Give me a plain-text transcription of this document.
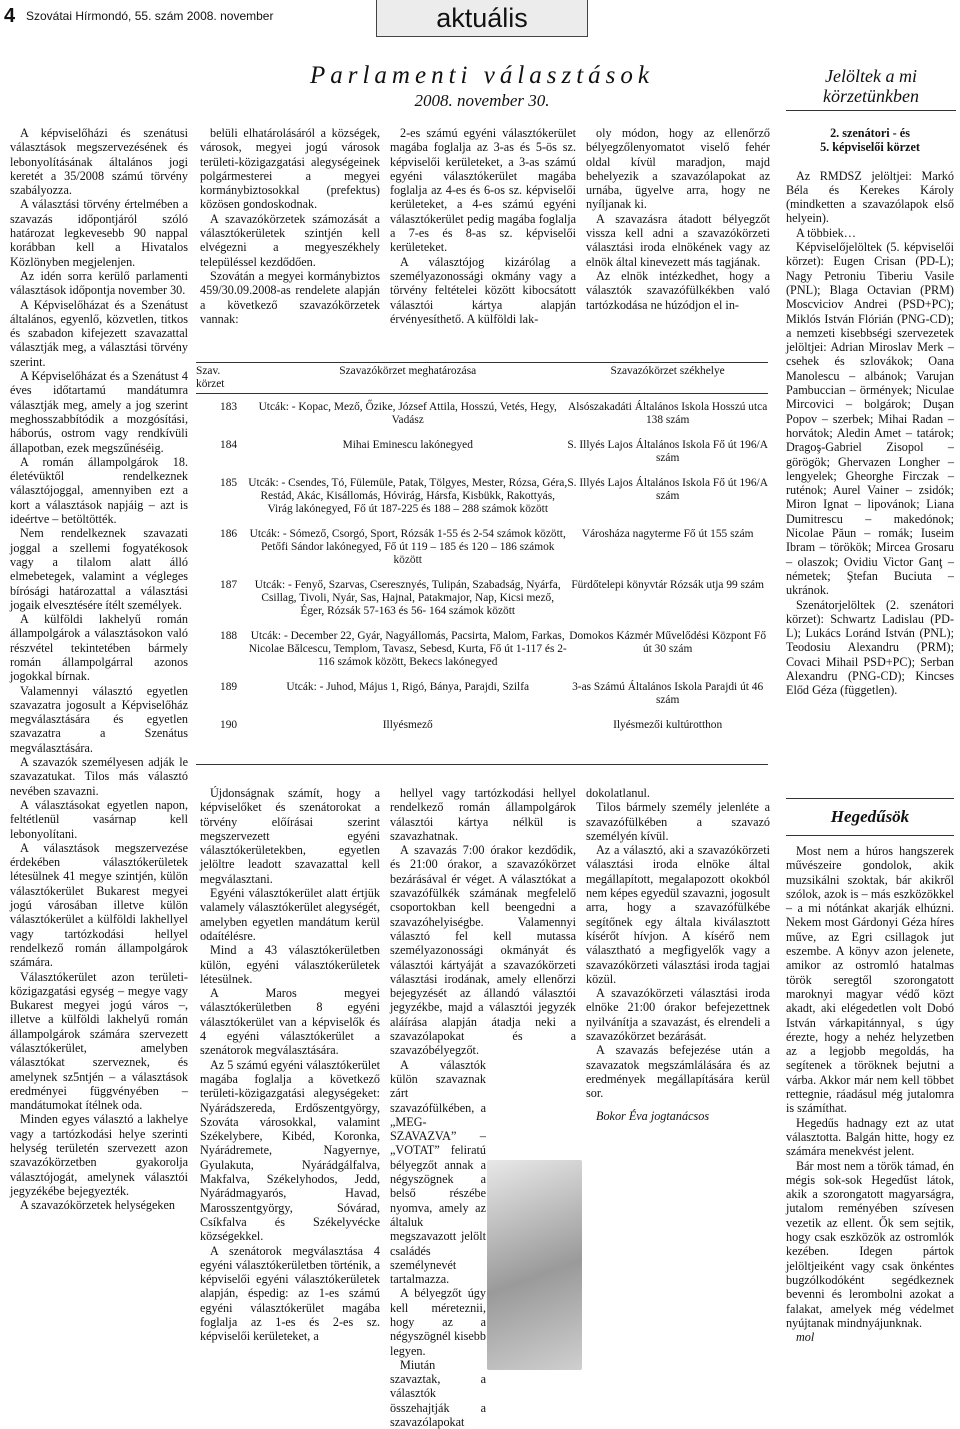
4 Szovátai Hírmondó, 55. szám 2008. november	aktuális
Parlamenti választások
2008. november 30.
Jelöltek a mi körzetünkben

A képviselőházi és szenátusi választások megszervezésének és lebonyolításának általános jogi keretét a 35/2008 számú törvény szabályozza.

A választási törvény értelmében a szavazás időpontjáról szóló határozat legkevesebb 90 nappal korábban kell a Hivatalos Közlönyben megjelenjen.

Az idén sorra kerülő parlamenti választások időpontja november 30.

A Képviselőházat és a Szenátust általános, egyenlő, közvetlen, titkos és szabadon kifejezett szavazattal választják meg, a választási törvény szerint.

A Képviselőházat és a Szenátust 4 éves időtartamú mandátumra választják meg, amely a jog szerint meghosszabbítódik a mozgósítási, háborús, ostrom vagy rendkívüli állapotban, ezek megszűnéséig.

A román állampolgárok 18. életévüktől rendelkeznek választójoggal, amennyiben ezt a kort a választások napjáig – azt is ideértve – betöltötték.

Nem rendelkeznek szavazati joggal a szellemi fogyatékosok vagy a tilalom alatt álló elmebetegek, valamint a végleges bírósági határozattal a választási jogaik elvesztésére ítélt személyek.

A külföldi lakhelyű román állampolgárok a választásokon való részvétel tekintetében bármely román állampolgárral azonos jogokkal bírnak.

Valamennyi választó egyetlen szavazatra jogosult a Képviselőház megválasztására és egyetlen szavazatra a Szenátus megválasztására.

A szavazók személyesen adják le szavazatukat. Tilos más választó nevében szavazni.

A választásokat egyetlen napon, feltétlenül vasárnap kell lebonyolítani.

A választások megszervezése érdekében választókerületek létesülnek 41 megye szintjén, külön választókerület Bukarest megyei jogú városában illetve külön választókerület a külföldi lakhellyel vagy tartózkodási hellyel rendelkező román állampolgárok számára.

Választókerület azon területi-közigazgatási egység – megye vagy Bukarest megyei jogú város –, illetve a külföldi lakhelyű román állampolgárok számára szervezett választókerület, amelyben választókat szerveznek, és amelynek sz5ntjén – a választások eredményei függvényében – mandátumokat ítélnek oda.

Minden egyes választó a lakhelye vagy a tartózkodási helye szerinti helység területén szervezett azon szavazókörzetben gyakorolja választójogát, amelynek választói jegyzékébe bejegyezték.

A szavazókörzetek helységeken

belüli elhatárolásáról a községek, városok, megyei jogú városok területi-közigazgatási alegységeinek polgármesterei a megyei kormánybiztosokkal (prefektus) közösen gondoskodnak.

A szavazókörzetek számozását a választókerületek szintjén kell elvégezni a megyeszékhely településsel kezdődően.

Szovátán a megyei kormánybiztos 459/30.09.2008-as rendelete alapján a következő szavazókörzetek vannak:

2-es számú egyéni választókerület magába foglalja az 3-as és 5-ös sz. képviselői kerületeket, a 3-as számú egyéni választókerület magába foglalja az 4-es és 6-os sz. képviselői kerületeket, a 4-es számú egyéni választókerület pedig magába foglalja a 7-es és 8-as sz. képviselői kerületeket.

A választójog kizárólag a személyazonossági okmány vagy a törvény feltételei között kibocsátott választói kártya alapján érvényesíthető. A külföldi lak-

oly módon, hogy az ellenőrző bélyegzőlenyomatot viselő fehér oldal kívül maradjon, majd behelyezik a szavazólapokat az urnába, ügyelve arra, hogy ne nyíljanak ki.

A szavazásra átadott bélyegzőt vissza kell adni a szavazókörzeti választási iroda elnökének vagy az elnök által kinevezett más tagjának.

Az elnök intézkedhet, hogy a választók szavazófülkékben való tartózkodása ne húzódjon el in-

Szav. körzet	Szavazókörzet meghatározása	Szavazókörzet székhelye
183	Utcák: - Kopac, Mező, Őzike, József Attila, Hosszú, Vetés, Hegy, Vadász	Alsószakadáti Általános Iskola Hosszú utca 138 szám
184	Mihai Eminescu lakónegyed	S. Illyés Lajos Általános Iskola Fő út 196/A szám
185	Utcák: - Csendes, Tó, Fülemüle, Patak, Tölgyes, Mester, Rózsa, Géra, Restád, Akác, Kisállomás, Hóvirág, Hársfa, Kisbükk, Rakottyás, Virág lakónegyed, Fő út 187-225 és 188 – 288 számok között	S. Illyés Lajos Általános Iskola Fő út 196/A szám
186	Utcák: - Sómező, Csorgó, Sport, Rózsák 1-55 és 2-54 számok között, Petőfi Sándor lakónegyed, Fő út 119 – 185 és 120 – 186 számok között	Városháza nagyterme Fő út 155 szám
187	Utcák: - Fenyő, Szarvas, Cseresznyés, Tulipán, Szabadság, Nyárfa, Csillag, Tivoli, Nyár, Sas, Hajnal, Patakmajor, Nap, Kicsi mező, Éger, Rózsák 57-163 és 56- 164 számok között	Fürdőtelepi könyvtár Rózsák utja 99 szám
188	Utcák: - December 22, Gyár, Nagyállomás, Pacsirta, Malom, Farkas, Nicolae Bălcescu, Templom, Tavasz, Sebesd, Kurta, Fő út 1-117 és 2-116 számok között, Bekecs lakónegyed	Domokos Kázmér Művelődési Központ Fő út 30 szám
189	Utcák: - Juhod, Május 1, Rigó, Bánya, Parajdi, Szilfa	3-as Számú Általános Iskola Parajdi út 46 szám
190	Illyésmező	Ilyésmezői kultúrotthon

Újdonságnak számít, hogy a képviselőket és szenátorokat a törvény előírásai szerint megszervezett egyéni választókerületekben, egyetlen jelöltre leadott szavazattal kell megválasztani.

Egyéni választókerület alatt értjük valamely választókerület alegységét, amelyben egyetlen mandátum kerül odaítélésre.

Mind a 43 választókerületben külön, egyéni választókerületek létesülnek.

A Maros megyei választókerületben 8 egyéni választókerület van a képviselők és 4 egyéni választókerület a szenátorok megválasztására.

Az 5 számú egyéni választókerület magába foglalja a következő területi-közigazgatási alegységeket: Nyárádszereda, Erdőszentgyörgy, Szováta városokkal, valamint Székelybere, Kibéd, Koronka, Nyárádremete, Nagyernye, Gyulakuta, Nyárádgálfalva, Makfalva, Székelyhodos, Jedd, Nyárádmagyarós, Havad, Marosszentgyörgy, Sóvárad, Csíkfalva és Székelyvécke községekkel.

A szenátorok megválasztása 4 egyéni választókerületben történik, a képviselői egyéni választókerületek alapján, éspedig: az 1-es számú egyéni választókerület magába foglalja az 1-es és 2-es sz. képviselői kerületeket, a

hellyel vagy tartózkodási hellyel rendelkező román állampolgárok választói kártya nélkül is szavazhatnak.

A szavazás 7:00 órakor kezdődik, és 21:00 órakor, a szavazókörzet bezárásával ér véget. A választókat a szavazófülkék számának megfelelő csoportokban kell beengedni a szavazóhelyiségbe. Valamennyi választó fel kell mutassa személyazonossági okmányát és választói kártyáját a szavazókörzeti választási irodának, amely ellenőrzi bejegyzését az állandó választói jegyzékbe, majd a választói jegyzék aláírása alapján átadja neki a szavazólapokat és a szavazóbélyegzőt.

A választók külön szavaznak zárt szavazófülkében, a „MEG-SZAVAZVA” – „VOTAT” feliratú bélyegzőt annak a négyszögnek a belső részébe nyomva, amely az általuk megszavazott jelölt családés személynevét tartalmazza.

A bélyegzőt úgy kell méreteznii, hogy az a négyszögnél kisebb legyen.

Miután szavaztak, a választók összehajtják a szavazólapokat

dokolatlanul.

Tilos bármely személy jelenléte a szavazófülkében a szavazó személyén kívül.

Az a választó, aki a szavazókörzeti választási iroda elnöke által megállapított, megalapozott okokból nem képes egyedül szavazni, jogosult arra, hogy a szavazófülkébe segítőnek egy általa kiválasztott kísérőt hívjon. A kísérő nem választható a megfigyelők vagy a szavazókörzeti választási iroda tagjai közül.

A szavazókörzeti választási iroda elnöke 21:00 órakor befejezettnek nyilvánítja a szavazást, és elrendeli a szavazókörzet bezárását.

A szavazás befejezése után a szavazatok megszámlálására és az eredmények megállapítására kerül sor.

Bokor Éva jogtanácsos

2. szenátori - és

5. képviselői körzet

Az RMDSZ jelöltjei: Markó Béla és Kerekes Károly (mindketten a szavazólapok első helyein).

A többiek…

Képviselőjelöltek (5. képviselői körzet): Eugen Crisan (PD-L); Nagy Petroniu Tiberiu Vasile (PNL); Blaga Octavian (PRM) Moscviciov Andrei (PSD+PC); Miklós István Flórián (PNG-CD); a nemzeti kisebbségi szervezetek jelöltjei: Adrian Miroslav Merk – csehek és szlovákok; Oana Manolescu – albánok; Varujan Pambuccian – örmények; Niculae Mircovici – bolgárok; Duşan Popov – szerbek; Mihai Radan – horvátok; Aledin Amet – tatárok; Dragoş-Gabriel Zisopol – görögök; Ghervazen Longher – lengyelek; Gheorghe Firczak – ruténok; Aurel Vainer – zsidók; Miron Ignat – lipovánok; Liana Dumitrescu – makedónok; Nicolae Păun – romák; Iuseim Ibram – törökök; Mircea Grosaru – olaszok; Ovidiu Victor Ganţ – németek; Ştefan Buciuta – ukránok.

Szenátorjelöltek (2. szenátori körzet): Schwartz Ladislau (PD-L); Lukács Loránd István (PNL); Teodosiu Alexandru (PRM); Covaci Mihail PSD+PC); Serban Alexandru (PNG-CD); Kincses Előd Géza (független).

Hegedűsök

Most nem a húros hangszerek művészeire gondolok, akik muzsikálni szoktak, bár akikről szólok, azok is – más eszközökkel – a mi nótánkat akarják elhúzni. Nekem most Gárdonyi Géza híres műve, az Egri csillagok jut eszembe. A könyv azon jelenete, amikor az ostromló hatalmas török seregtől szorongatott maroknyi magyar védő közt akadt, aki elégedetlen volt Dobó István várkapitánnyal, s úgy érezte, hogy a nehéz helyzetben az a legjobb megoldás, ha segítenek a töröknek bejutni a várba. Akkor már nem kell többet rettegnie, ráadásul még jutalomra is számíthat.

Hegedűs hadnagy ezt az utat választotta. Balgán hitte, hogy ez számára menekvést jelent.

Bár most nem a török támad, én mégis sok-sok Hegedűst látok, akik a szorongatott magyarságra, jutalom reményében szívesen vezetik az ellent. Ők sem sejtik, hogy csak eszközök az ostromlók kezében. Idegen pártok jelöltjeiként vagy csak önkéntes bugzólkodóként segédkeznek bevenni és lerombolni azokat a falakat, amelyek még védelmet nyújtanak mindnyájunknak.

mol
